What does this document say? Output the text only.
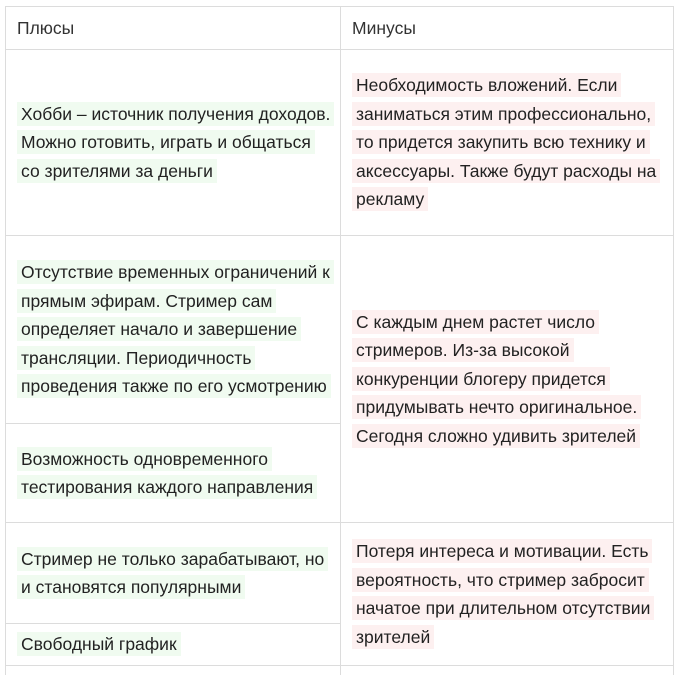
Плюсы	Минусы

Хобби – источник получения доходов. Можно готовить, играть и общаться со зрителями за деньги

Необходимость вложений. Если заниматься этим профессионально, то придется закупить всю технику и аксессуары. Также будут расходы на рекламу

Отсутствие временных ограничений к прямым эфирам. Стример сам определяет начало и завершение трансляции. Периодичность проведения также по его усмотрению

Возможность одновременного тестирования каждого направления

С каждым днем растет число стримеров. Из-за высокой конкуренции блогеру придется придумывать нечто оригинальное. Сегодня сложно удивить зрителей

Стример не только зарабатывают, но и становятся популярными

Свободный график

Потеря интереса и мотивации. Есть вероятность, что стример забросит начатое при длительном отсутствии зрителей
